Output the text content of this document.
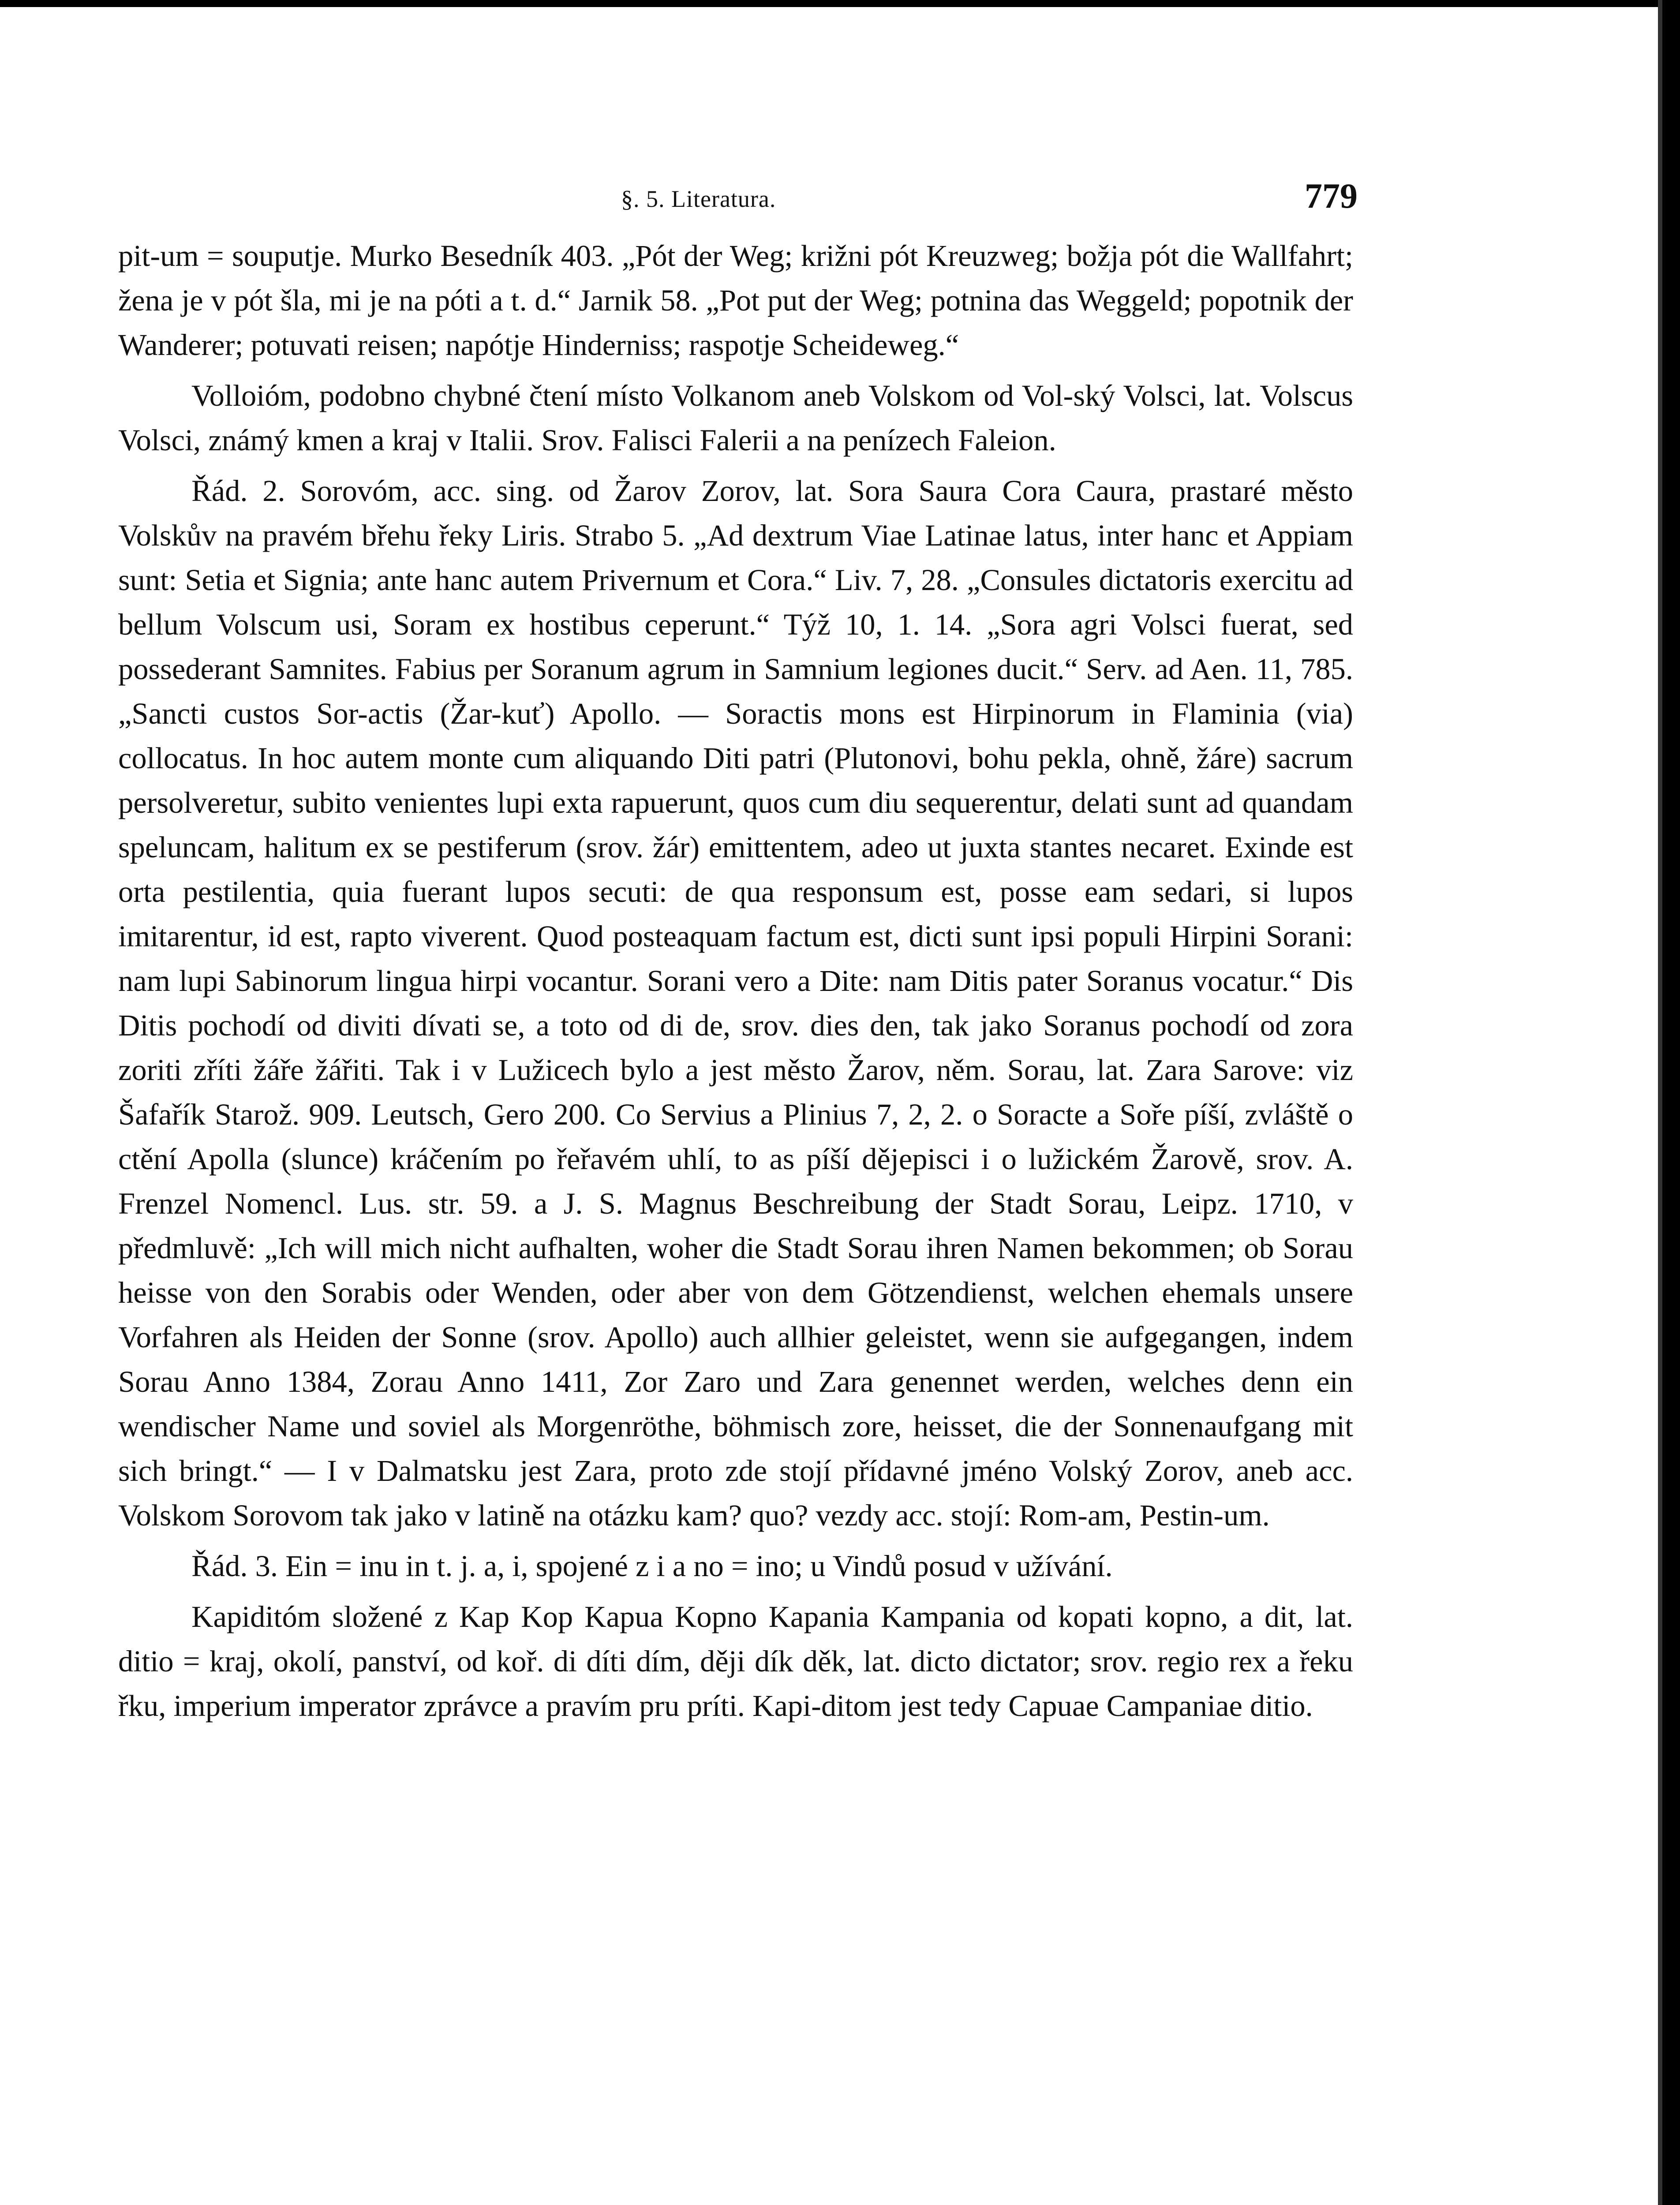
§. 5. Literatura.	779

pit-um = souputje. Murko Besedník 403. „Pót der Weg; križni pót Kreuzweg; božja pót die Wallfahrt; žena je v pót šla, mi je na póti a t. d.“ Jarnik 58. „Pot put der Weg; potnina das Weggeld; popotnik der Wanderer; potuvati reisen; napótje Hinderniss; raspotje Scheideweg.“

Volloióm, podobno chybné čtení místo Volkanom aneb Volskom od Vol-ský Volsci, lat. Volscus Volsci, známý kmen a kraj v Italii. Srov. Falisci Falerii a na penízech Faleion.

Řád. 2. Sorovóm, acc. sing. od Žarov Zorov, lat. Sora Saura Cora Caura, prastaré město Volskův na pravém břehu řeky Liris. Strabo 5. „Ad dextrum Viae Latinae latus, inter hanc et Appiam sunt: Setia et Signia; ante hanc autem Privernum et Cora.“ Liv. 7, 28. „Consules dictatoris exercitu ad bellum Volscum usi, Soram ex hostibus ceperunt.“ Týž 10, 1. 14. „Sora agri Volsci fuerat, sed possederant Samnites. Fabius per Soranum agrum in Samnium legiones ducit.“ Serv. ad Aen. 11, 785. „Sancti custos Sor-actis (Žar-kuť) Apollo. — Soractis mons est Hirpinorum in Flaminia (via) collocatus. In hoc autem monte cum aliquando Diti patri (Plutonovi, bohu pekla, ohně, žáre) sacrum persolveretur, subito venientes lupi exta rapuerunt, quos cum diu sequerentur, delati sunt ad quandam speluncam, halitum ex se pestiferum (srov. žár) emittentem, adeo ut juxta stantes necaret. Exinde est orta pestilentia, quia fuerant lupos secuti: de qua responsum est, posse eam sedari, si lupos imitarentur, id est, rapto viverent. Quod posteaquam factum est, dicti sunt ipsi populi Hirpini Sorani: nam lupi Sabinorum lingua hirpi vocantur. Sorani vero a Dite: nam Ditis pater Soranus vocatur.“ Dis Ditis pochodí od diviti dívati se, a toto od di de, srov. dies den, tak jako Soranus pochodí od zora zoriti zříti žáře žářiti. Tak i v Lužicech bylo a jest město Žarov, něm. Sorau, lat. Zara Sarove: viz Šafařík Starož. 909. Leutsch, Gero 200. Co Servius a Plinius 7, 2, 2. o Soracte a Soře píší, zvláště o ctění Apolla (slunce) kráčením po řeřavém uhlí, to as píší dějepisci i o lužickém Žarově, srov. A. Frenzel Nomencl. Lus. str. 59. a J. S. Magnus Beschreibung der Stadt Sorau, Leipz. 1710, v předmluvě: „Ich will mich nicht aufhalten, woher die Stadt Sorau ihren Namen bekommen; ob Sorau heisse von den Sorabis oder Wenden, oder aber von dem Götzendienst, welchen ehemals unsere Vorfahren als Heiden der Sonne (srov. Apollo) auch allhier geleistet, wenn sie aufgegangen, indem Sorau Anno 1384, Zorau Anno 1411, Zor Zaro und Zara genennet werden, welches denn ein wendischer Name und soviel als Morgenröthe, böhmisch zore, heisset, die der Sonnenaufgang mit sich bringt.“ — I v Dalmatsku jest Zara, proto zde stojí přídavné jméno Volský Zorov, aneb acc. Volskom Sorovom tak jako v latině na otázku kam? quo? vezdy acc. stojí: Rom-am, Pestin-um.

Řád. 3. Ein = inu in t. j. a, i, spojené z i a no = ino; u Vindů posud v užívání.

Kapiditóm složené z Kap Kop Kapua Kopno Kapania Kampania od kopati kopno, a dit, lat. ditio = kraj, okolí, panství, od koř. di díti dím, ději dík děk, lat. dicto dictator; srov. regio rex a řeku řku, imperium imperator zprávce a pravím pru príti. Kapi-ditom jest tedy Capuae Campaniae ditio.
